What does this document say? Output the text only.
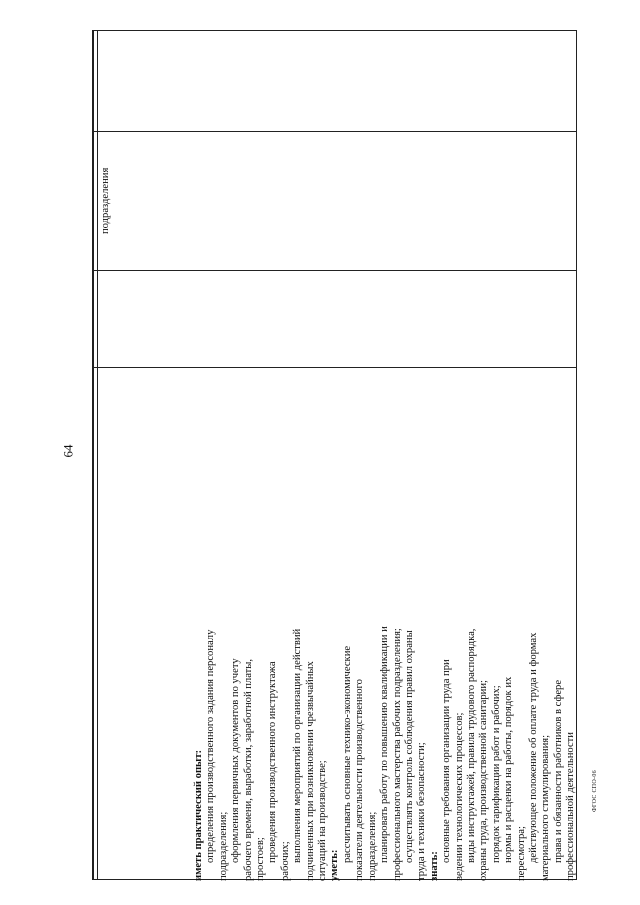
64
подразделения
иметь практический опыт: определения производственного задания персоналу подразделения; оформления первичных документов по учету рабочего времени, выработки, заработной платы, простоев; проведения производственного инструктажа рабочих; выполнения мероприятий по организации действий подчиненных при возникновении чрезвычайных ситуаций на производстве; уметь:
рассчитывать основные технико-экономические показатели деятельности производственного подразделения; планировать работу по повышению квалификации и профессионального мастерства рабочих подразделения; осуществлять контроль соблюдения правил охраны труда и техники безопасности; знать:
основные требования организации труда при ведении технологических процессов; виды инструктажей, правила трудового распорядка, охраны труда, производственной санитарии; порядок тарификации работ и рабочих; нормы и расценки на работы, порядок их пересмотра; действующее положение об оплате труда и формах материального стимулирования; права и обязанности работников в сфере профессиональной деятельности	ФГОС СПО-06
